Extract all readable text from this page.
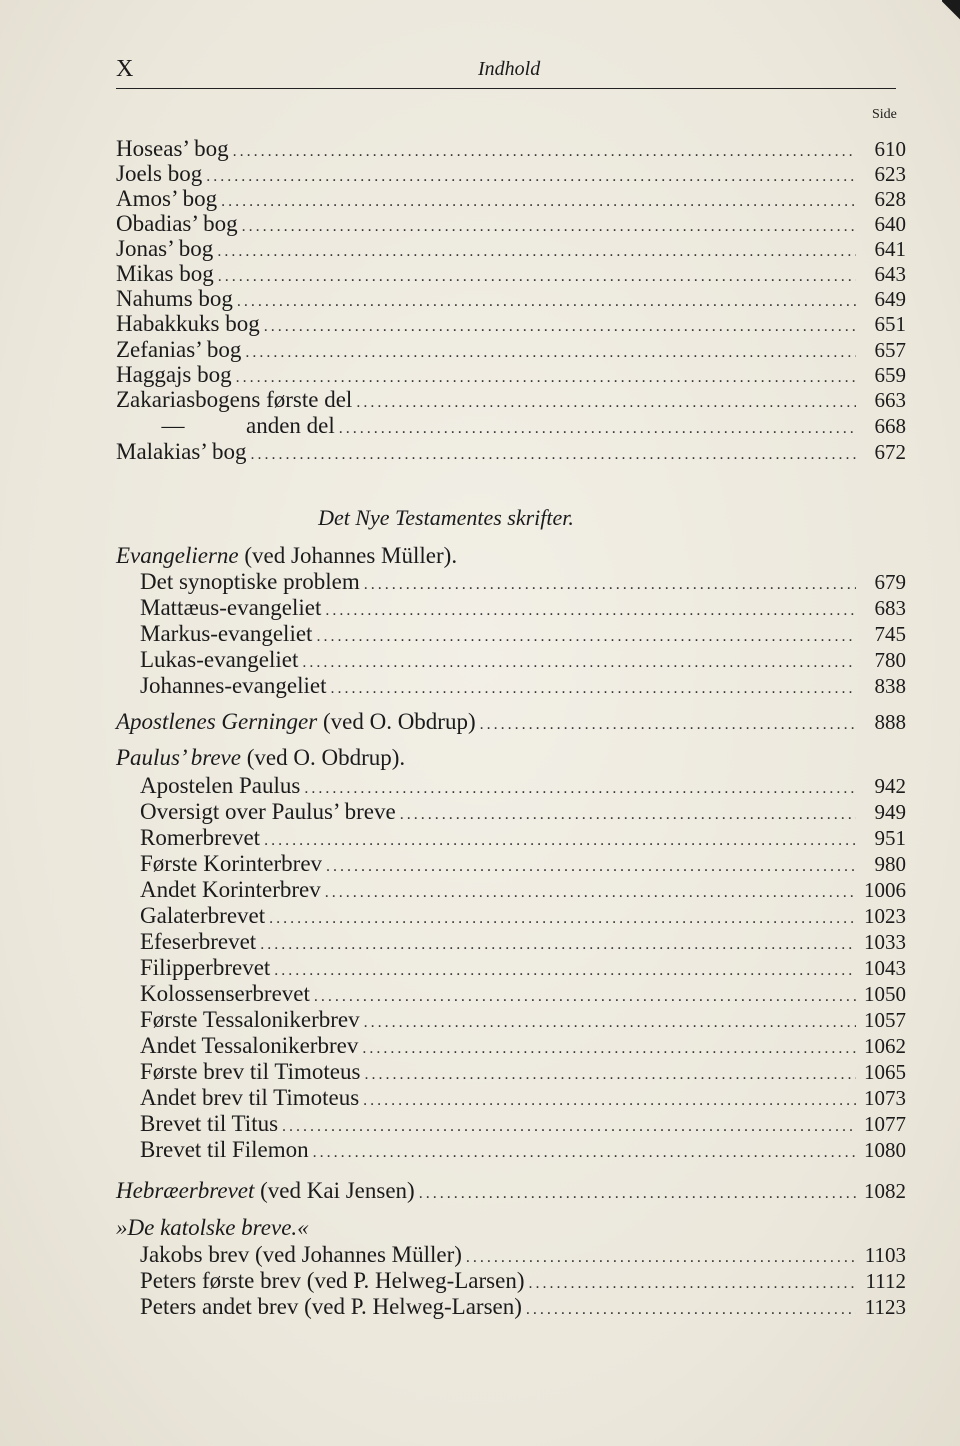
X	Indhold
Side
Hoseas’ bog .....	610
Joels bog .....	623
Amos’ bog .....	628
Obadias’ bog .....	640
Jonas’ bog .....	641
Mikas bog .....	643
Nahums bog .....	649
Habakkuks bog .....	651
Zefanias’ bog .....	657
Haggajs bog .....	659
Zakariasbogens første del .....	663
—	anden del .....	668
Malakias’ bog .....	672
Det Nye Testamentes skrifter.
Evangelierne (ved Johannes Müller).
Det synoptiske problem .....	679
Mattæus-evangeliet .....	683
Markus-evangeliet .....	745
Lukas-evangeliet .....	780
Johannes-evangeliet .....	838
Apostlenes Gerninger (ved O. Obdrup) .....	888
Paulus’ breve (ved O. Obdrup).
Apostelen Paulus .....	942
Oversigt over Paulus’ breve .....	949
Romerbrevet .....	951
Første Korinterbrev .....	980
Andet Korinterbrev .....	1006
Galaterbrevet .....	1023
Efeserbrevet .....	1033
Filipperbrevet .....	1043
Kolossenserbrevet .....	1050
Første Tessalonikerbrev .....	1057
Andet Tessalonikerbrev .....	1062
Første brev til Timoteus .....	1065
Andet brev til Timoteus .....	1073
Brevet til Titus .....	1077
Brevet til Filemon .....	1080
Hebræerbrevet (ved Kai Jensen) .....	1082
»De katolske breve.«
Jakobs brev (ved Johannes Müller) .....	1103
Peters første brev (ved P. Helweg-Larsen) .....	1112
Peters andet brev (ved P. Helweg-Larsen) .....	1123
